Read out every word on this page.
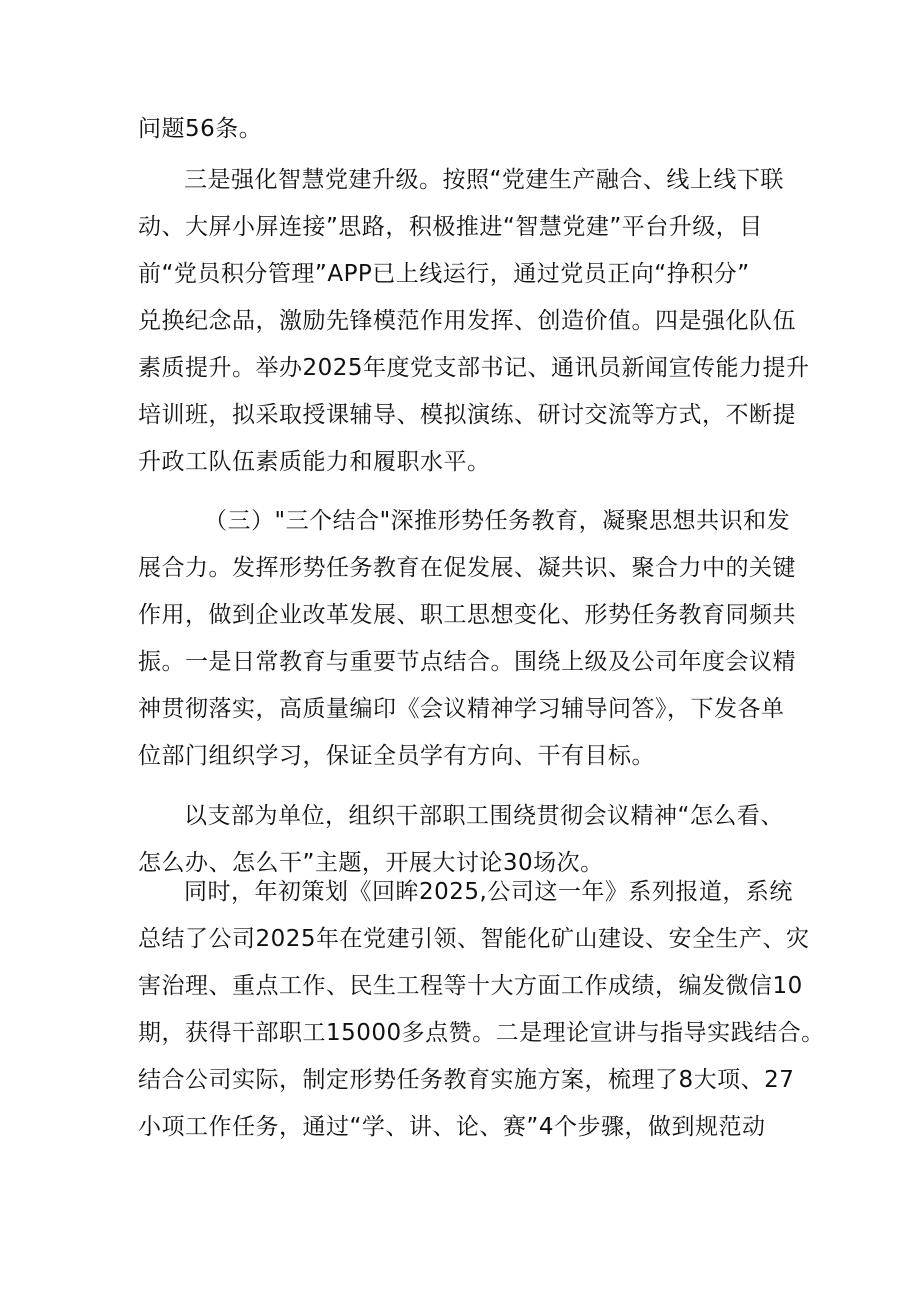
问题56条。
三是强化智慧党建升级。按照“党建生产融合、线上线下联
动、大屏小屏连接”思路，积极推进“智慧党建”平台升级，目
前“党员积分管理”APP已上线运行，通过党员正向“挣积分”
兑换纪念品，激励先锋模范作用发挥、创造价值。四是强化队伍
素质提升。举办2025年度党支部书记、通讯员新闻宣传能力提升
培训班，拟采取授课辅导、模拟演练、研讨交流等方式，不断提
升政工队伍素质能力和履职水平。
（三）"三个结合"深推形势任务教育，凝聚思想共识和发
展合力。发挥形势任务教育在促发展、凝共识、聚合力中的关键
作用，做到企业改革发展、职工思想变化、形势任务教育同频共
振。一是日常教育与重要节点结合。围绕上级及公司年度会议精
神贯彻落实，高质量编印《会议精神学习辅导问答》，下发各单
位部门组织学习，保证全员学有方向、干有目标。
以支部为单位，组织干部职工围绕贯彻会议精神“怎么看、
怎么办、怎么干”主题，开展大讨论30场次。
同时，年初策划《回眸2025,公司这一年》系列报道，系统
总结了公司2025年在党建引领、智能化矿山建设、安全生产、灾
害治理、重点工作、民生工程等十大方面工作成绩，编发微信10
期，获得干部职工15000多点赞。二是理论宣讲与指导实践结合。
结合公司实际，制定形势任务教育实施方案，梳理了8大项、27
小项工作任务，通过“学、讲、论、赛”4个步骤，做到规范动
